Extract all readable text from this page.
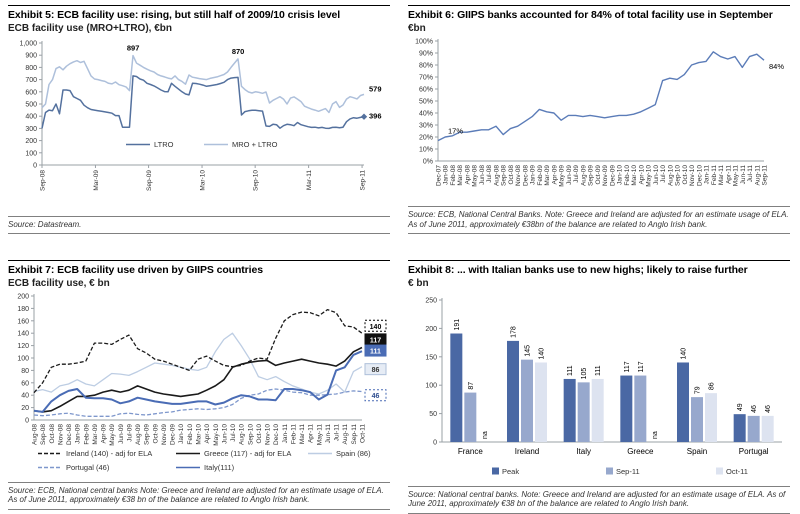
Exhibit 5: ECB facility use: rising, but still half of 2009/10 crisis level
ECB facility use (MRO+LTRO), €bn
0
100
200
300
400
500
600
700
800
900
1,000
Sep-08	Mar-09	Sep-09	Mar-10	Sep-10	Mar-11	Sep-11
897	870
579
396
LTRO	MRO + LTRO
Source: Datastream.
Exhibit 6: GIIPS banks accounted for 84% of total facility use in September
€bn
0%
10%
20%
30%
40%
50%
60%
70%
80%
90%
100%
Dec-07 Jan-08 Feb-08 Mar-08 Apr-08 May-08 Jun-08 Jul-08 Aug-08 Sep-08 Oct-08 Nov-08 Dec-08 Jan-09 Feb-09 Mar-09 Apr-09 May-09 Jun-09 Jul-09 Aug-09 Sep-09 Oct-09 Nov-09 Dec-09 Jan-10 Feb-10 Mar-10 Apr-10 May-10 Jun-10 Jul-10 Aug-10 Sep-10 Oct-10 Nov-10 Dec-10 Jan-11 Feb-11 Mar-11 Apr-11 May-11 Jun-11 Jul-11 Aug-11 Sep-11
17%
84%
Source: ECB, National Central Banks. Note: Greece and Ireland are adjusted for an estimate usage of ELA. As of June 2011, approximately €38bn of the balance are related to Anglo Irish bank.
Exhibit 7: ECB facility use driven by GIIPS countries
ECB facility use, € bn
0
20
40
60
80
100
120
140
160
180
200
Aug-08 Sep-08 Oct-08 Nov-08 Dec-08 Jan-09 Feb-09 Mar-09 Apr-09 May-09 Jun-09 Jul-09 Aug-09 Sep-09 Oct-09 Nov-09 Dec-09 Jan-10 Feb-10 Mar-10 Apr-10 May-10 Jun-10 Jul-10 Aug-10 Sep-10 Oct-10 Nov-10 Dec-10 Jan-11 Feb-11 Mar-11 Apr-11 May-11 Jun-11 Jul-11 Aug-11 Sep-11 Oct-11
140
117
111
86
46
Ireland (140) - adj for ELA	Greece (117) - adj for ELA	Spain (86)
Portugal (46)	Italy(111)
Source: ECB, National central banks Note: Greece and Ireland are adjusted for an estimate usage of ELA. As of June 2011, approximately €38 bn of the balance are related to Anglo Irish bank.
Exhibit 8: ... with Italian banks use to new highs; likely to raise further
€ bn
0
50
100
150
200
250
191
87
na
France
178
145 140
Ireland
111 105 111
Italy
117 117
na
Greece
140
79
86
Spain
49 46 46
Portugal
Peak	Sep-11	Oct-11
Source: National central banks. Note: Greece and Ireland are adjusted for an estimate usage of ELA. As of June 2011, approximately €38 bn of the balance are related to Anglo Irish bank.
